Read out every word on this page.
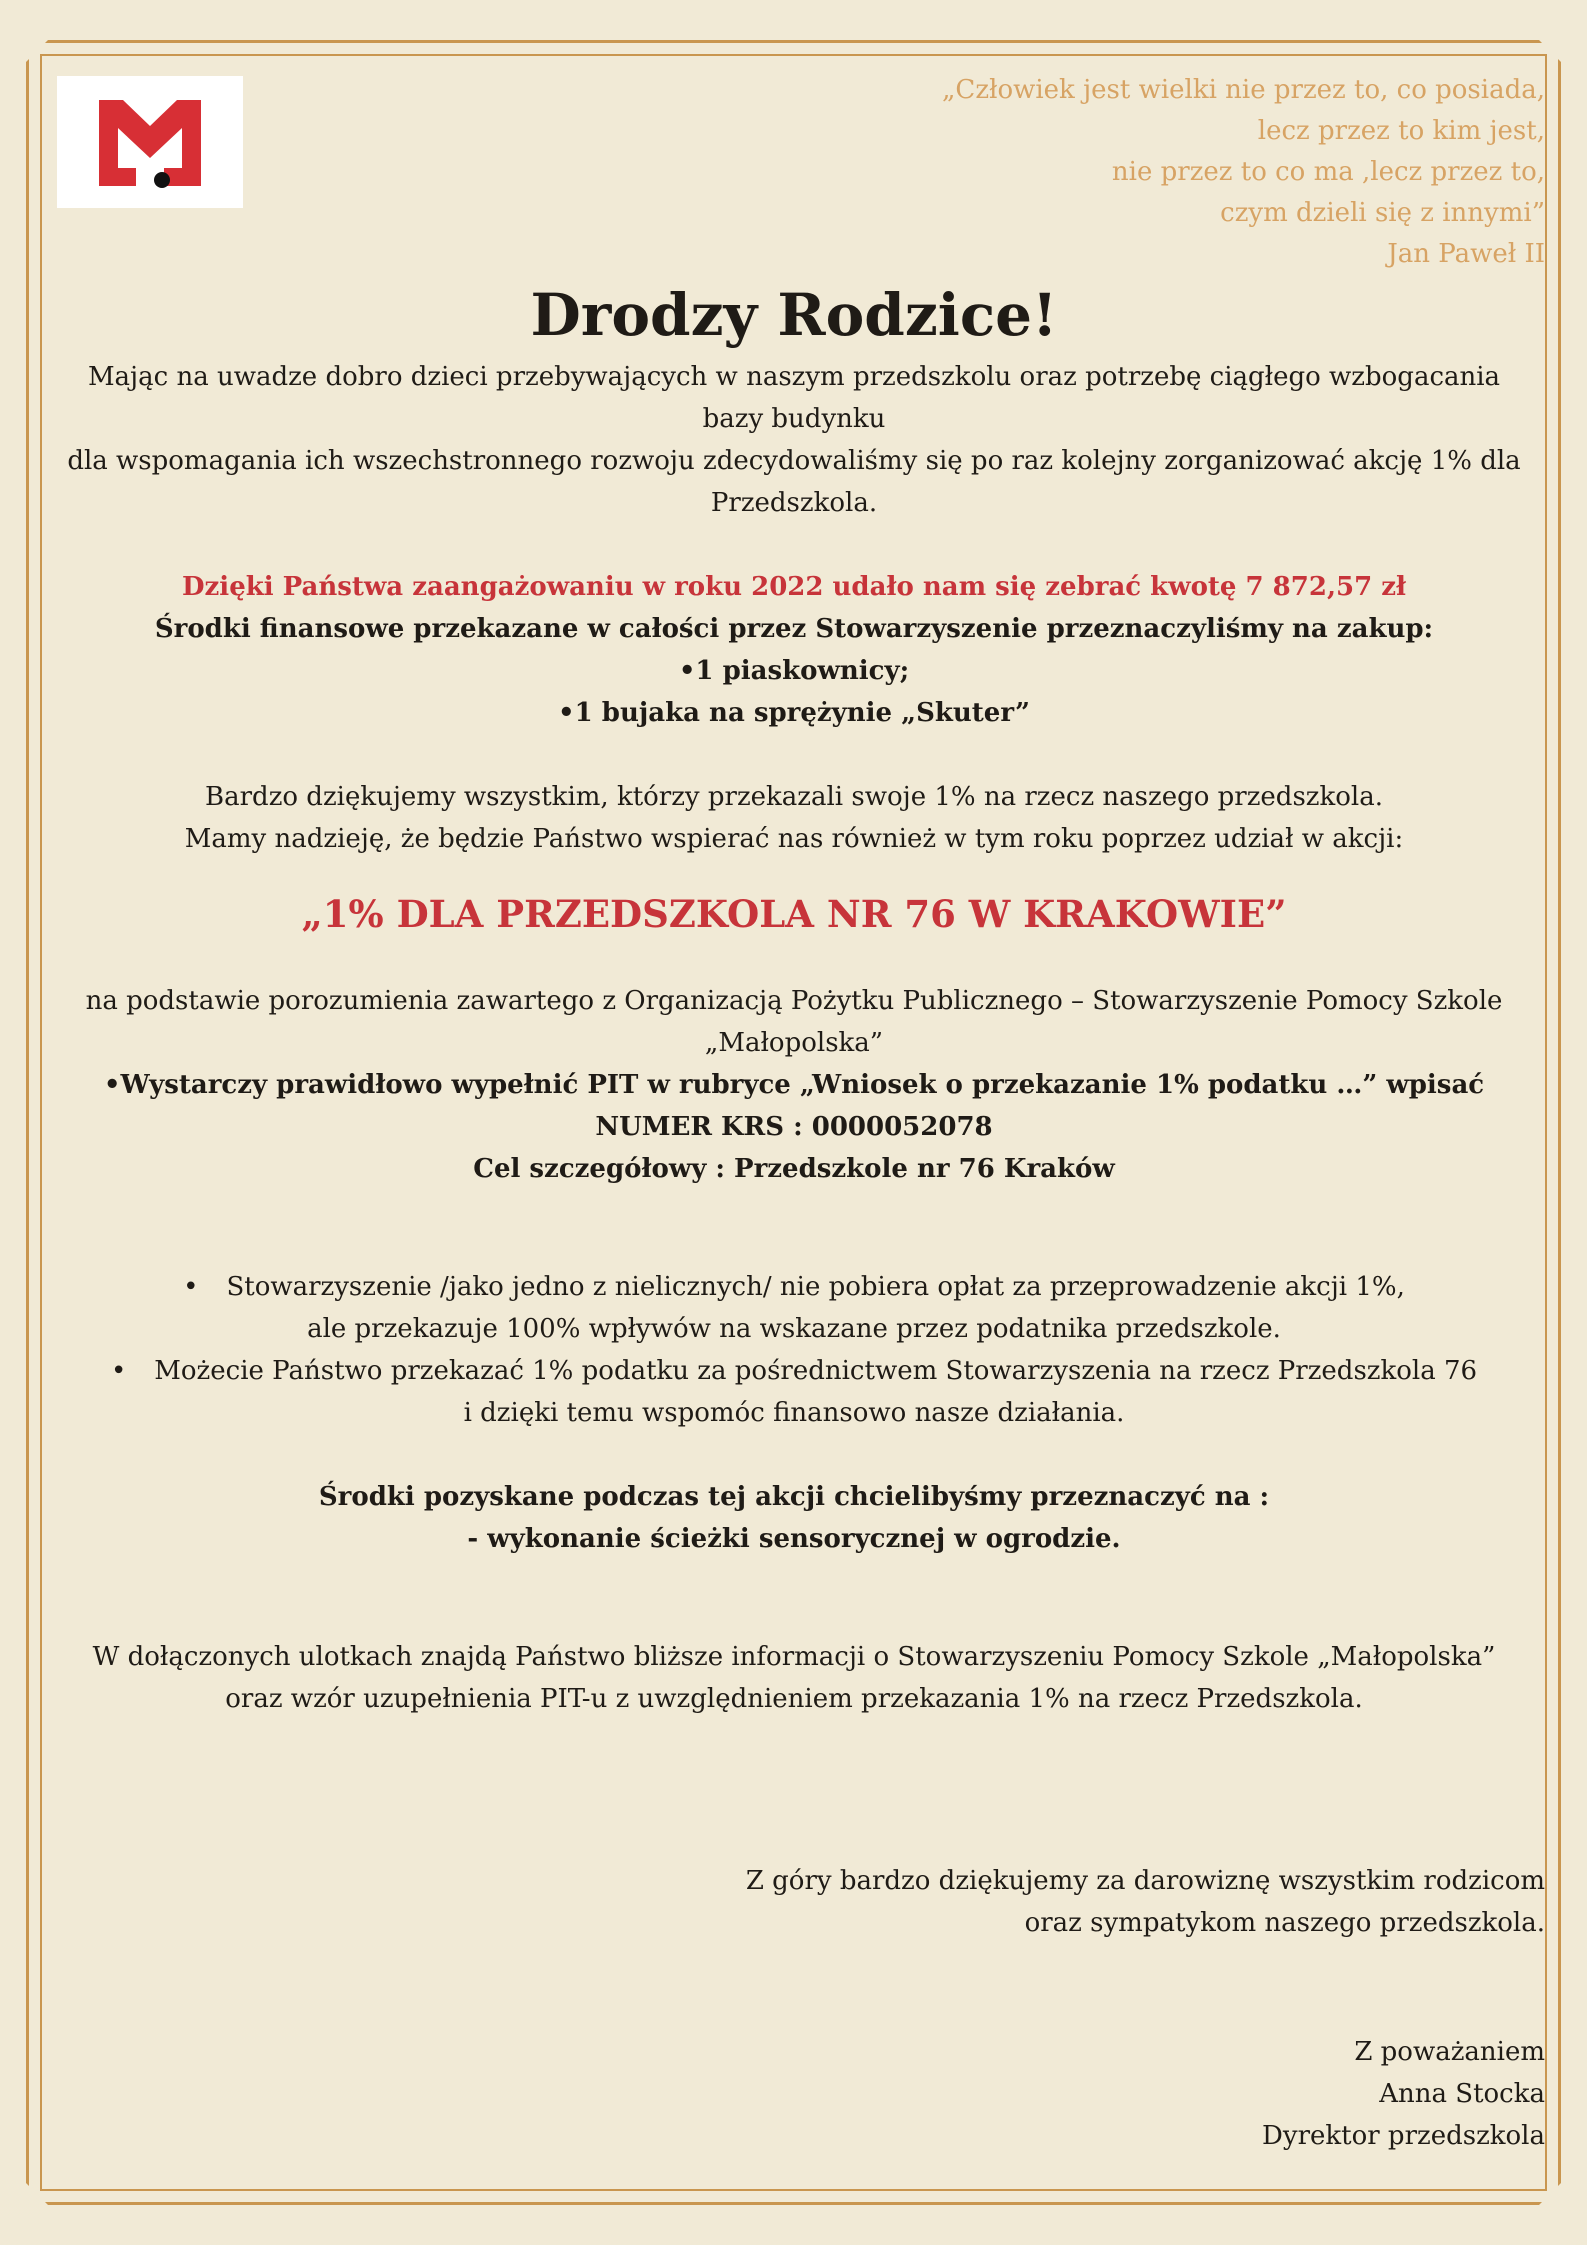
„Człowiek jest wielki nie przez to, co posiada,
lecz przez to kim jest,
nie przez to co ma ,lecz przez to,
czym dzieli się z innymi”
Jan Paweł II
Drodzy Rodzice!
Mając na uwadze dobro dzieci przebywających w naszym przedszkolu oraz potrzebę ciągłego wzbogacania bazy budynku
dla wspomagania ich wszechstronnego rozwoju zdecydowaliśmy się po raz kolejny zorganizować akcję 1% dla Przedszkola.
Dzięki Państwa zaangażowaniu w roku 2022 udało nam się zebrać kwotę 7 872,57 zł
Środki finansowe przekazane w całości przez Stowarzyszenie przeznaczyliśmy na zakup:
•1 piaskownicy;
•1 bujaka na sprężynie „Skuter”
Bardzo dziękujemy wszystkim, którzy przekazali swoje 1% na rzecz naszego przedszkola.
Mamy nadzieję, że będzie Państwo wspierać nas również w tym roku poprzez udział w akcji:
„1% DLA PRZEDSZKOLA NR 76 W KRAKOWIE”
na podstawie porozumienia zawartego z Organizacją Pożytku Publicznego – Stowarzyszenie Pomocy Szkole
„Małopolska”
•Wystarczy prawidłowo wypełnić PIT w rubryce „Wniosek o przekazanie 1% podatku …” wpisać
NUMER KRS : 0000052078
Cel szczegółowy : Przedszkole nr 76 Kraków
• Stowarzyszenie /jako jedno z nielicznych/ nie pobiera opłat za przeprowadzenie akcji 1%,
ale przekazuje 100% wpływów na wskazane przez podatnika przedszkole.
• Możecie Państwo przekazać 1% podatku za pośrednictwem Stowarzyszenia na rzecz Przedszkola 76
i dzięki temu wspomóc finansowo nasze działania.
Środki pozyskane podczas tej akcji chcielibyśmy przeznaczyć na :
- wykonanie ścieżki sensorycznej w ogrodzie.
W dołączonych ulotkach znajdą Państwo bliższe informacji o Stowarzyszeniu Pomocy Szkole „Małopolska”
oraz wzór uzupełnienia PIT-u z uwzględnieniem przekazania 1% na rzecz Przedszkola.
Z góry bardzo dziękujemy za darowiznę wszystkim rodzicom
oraz sympatykom naszego przedszkola.
Z poważaniem
Anna Stocka
Dyrektor przedszkola
